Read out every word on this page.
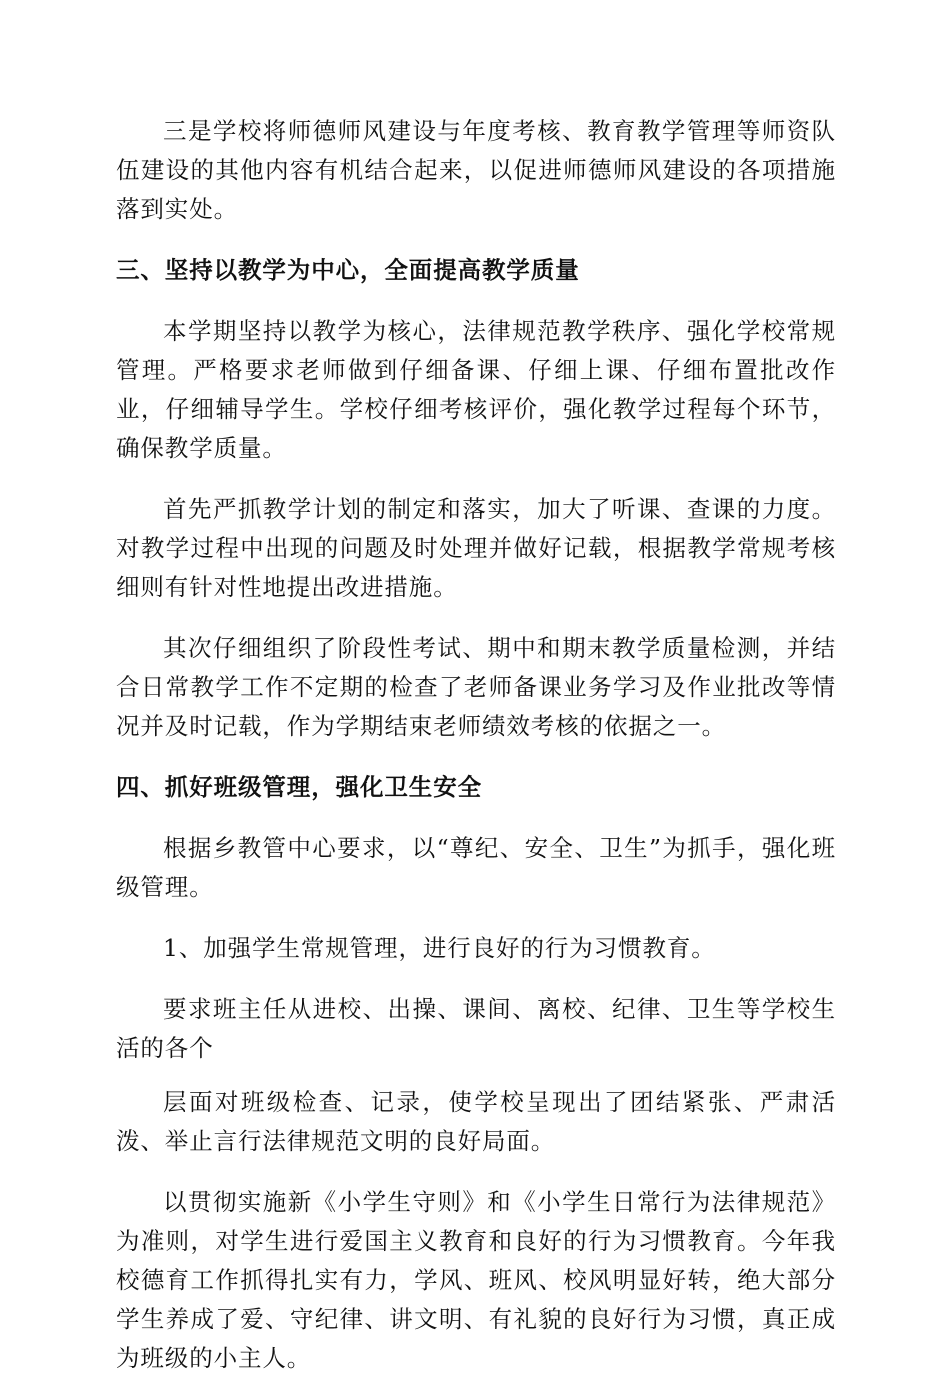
三是学校将师德师风建设与年度考核、教育教学管理等师资队伍建设的其他内容有机结合起来，以促进师德师风建设的各项措施落到实处。

三、坚持以教学为中心，全面提高教学质量

本学期坚持以教学为核心，法律规范教学秩序、强化学校常规管理。严格要求老师做到仔细备课、仔细上课、仔细布置批改作业，仔细辅导学生。学校仔细考核评价，强化教学过程每个环节，确保教学质量。

首先严抓教学计划的制定和落实，加大了听课、查课的力度。对教学过程中出现的问题及时处理并做好记载，根据教学常规考核细则有针对性地提出改进措施。

其次仔细组织了阶段性考试、期中和期末教学质量检测，并结合日常教学工作不定期的检查了老师备课业务学习及作业批改等情况并及时记载，作为学期结束老师绩效考核的依据之一。

四、抓好班级管理，强化卫生安全

根据乡教管中心要求，以“尊纪、安全、卫生”为抓手，强化班级管理。

1、加强学生常规管理，进行良好的行为习惯教育。

要求班主任从进校、出操、课间、离校、纪律、卫生等学校生活的各个

层面对班级检查、记录，使学校呈现出了团结紧张、严肃活泼、举止言行法律规范文明的良好局面。

以贯彻实施新《小学生守则》和《小学生日常行为法律规范》为准则，对学生进行爱国主义教育和良好的行为习惯教育。今年我校德育工作抓得扎实有力，学风、班风、校风明显好转，绝大部分学生养成了爱、守纪律、讲文明、有礼貌的良好行为习惯，真正成为班级的小主人。
